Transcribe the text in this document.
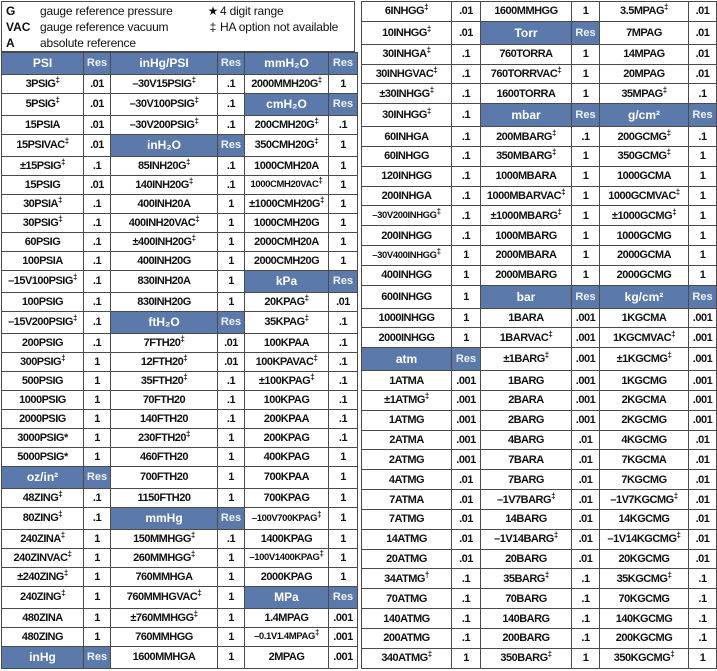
G	gauge reference pressure
VAC gauge reference vacuum
A	absolute reference
★ 4 digit range
‡ HA option not available
PSI	Res	inHg/PSI	Res	mmH₂O	Res
3PSIG‡	.01	–30V15PSIG‡	.1	2000MMH20G‡	1
5PSIG‡	.01	–30V100PSIG‡	.1	cmH₂O	Res
15PSIA	.01	–30V200PSIG‡	.1	200CMH20G‡	.1
15PSIVAC‡	.01	inH₂O	Res	350CMH20G‡	1
±15PSIG‡	.1	85INH20G‡	.1	1000CMH20A	1
15PSIG	.01	140INH20G‡	.1	1000CMH20VAC‡	1
30PSIA‡	.1	400INH20A	1	±1000CMH20G‡	1
30PSIG‡	.1	400INH20VAC‡	1	1000CMH20G	1
60PSIG	.1	±400INH20G‡	1	2000CMH20A	1
100PSIA	.1	400INH20G	1	2000CMH20G	1
–15V100PSIG‡	.1	830INH20A	1	kPa	Res
100PSIG	.1	830INH20G	1	20KPAG‡	.01
–15V200PSIG‡	.1	ftH₂O	Res	35KPAG‡	.1
200PSIG	.1	7FTH20‡	.01	100KPAA	.1
300PSIG‡	1	12FTH20‡	.01	100KPAVAC‡	.1
500PSIG	1	35FTH20‡	.1	±100KPAG‡	.1
1000PSIG	1	70FTH20	.1	100KPAG	.1
2000PSIG	1	140FTH20	.1	200KPAA	.1
3000PSIG*	1	230FTH20‡	1	200KPAG	.1
5000PSIG*	1	460FTH20	1	400KPAG	1
oz/in²	Res	700FTH20	1	700KPAA	1
48ZING‡	.1	1150FTH20	1	700KPAG	1
80ZING‡	.1	mmHg	Res	–100V700KPAG‡	1
240ZINA‡	1	150MMHGG‡	.1	1400KPAG	1
240ZINVAC‡	1	260MMHGG‡	1	–100V1400KPAG‡	1
±240ZING‡	1	760MMHGA	1	2000KPAG	1
240ZING‡	1	760MMHGVAC‡	1	MPa	Res
480ZINA	1	±760MMHGG‡	1	1.4MPAG	.001
480ZING	1	760MMHGG	1	–0.1V1.4MPAG‡	.001
inHg	Res	1600MMHGA	1	2MPAG	.001
6INHGG‡	.01	1600MMHGG	1	3.5MPAG‡	.01
10INHGG‡	.01	Torr	Res	7MPAG	.01
30INHGA‡	.1	760TORRA	1	14MPAG	.01
30INHGVAC‡	.1	760TORRVAC‡	1	20MPAG	.01
±30INHGG‡	.1	1600TORRA	1	35MPAG‡	.1
30INHGG‡	.1	mbar	Res	g/cm²	Res
60INHGA	.1	200MBARG‡	.1	200GCMG‡	.1
60INHGG	.1	350MBARG‡	1	350GCMG‡	1
120INHGG	.1	1000MBARA	1	1000GCMA	1
200INHGA	.1	1000MBARVAC‡	1	1000GCMVAC‡	1
–30V200INHGG‡	.1	±1000MBARG‡	1	±1000GCMG‡	1
200INHGG	.1	1000MBARG	1	1000GCMG	1
–30V400INHGG‡	1	2000MBARA	1	2000GCMA	1
400INHGG	1	2000MBARG	1	2000GCMG	1
600INHGG	1	bar	Res	kg/cm²	Res
1000INHGG	1	1BARA	.001	1KGCMA	.001
2000INHGG	1	1BARVAC‡	.001	1KGCMVAC‡	.001
atm	Res	±1BARG‡	.001	±1KGCMG‡	.001
1ATMA	.001	1BARG	.001	1KGCMG	.001
±1ATMG‡	.001	2BARA	.001	2KGCMA	.001
1ATMG	.001	2BARG	.001	2KGCMG	.001
2ATMA	.001	4BARG	.01	4KGCMG	.01
2ATMG	.001	7BARA	.01	7KGCMA	.01
4ATMG	.01	7BARG	.01	7KGCMG	.01
7ATMA	.01	–1V7BARG‡	.01	–1V7KGCMG‡	.01
7ATMG	.01	14BARG	.01	14KGCMG	.01
14ATMG	.01	–1V14BARG‡	.01	–1V14KGCMG‡	.01
20ATMG	.01	20BARG	.01	20KGCMG	.01
34ATMG†	.1	35BARG‡	.1	35KGCMG‡	.1
70ATMG	.1	70BARG	.1	70KGCMG	.1
140ATMG	.1	140BARG	.1	140KGCMG	.1
200ATMG	.1	200BARG	.1	200KGCMG	.1
340ATMG‡	1	350BARG‡	1	350KGCMG‡	1
